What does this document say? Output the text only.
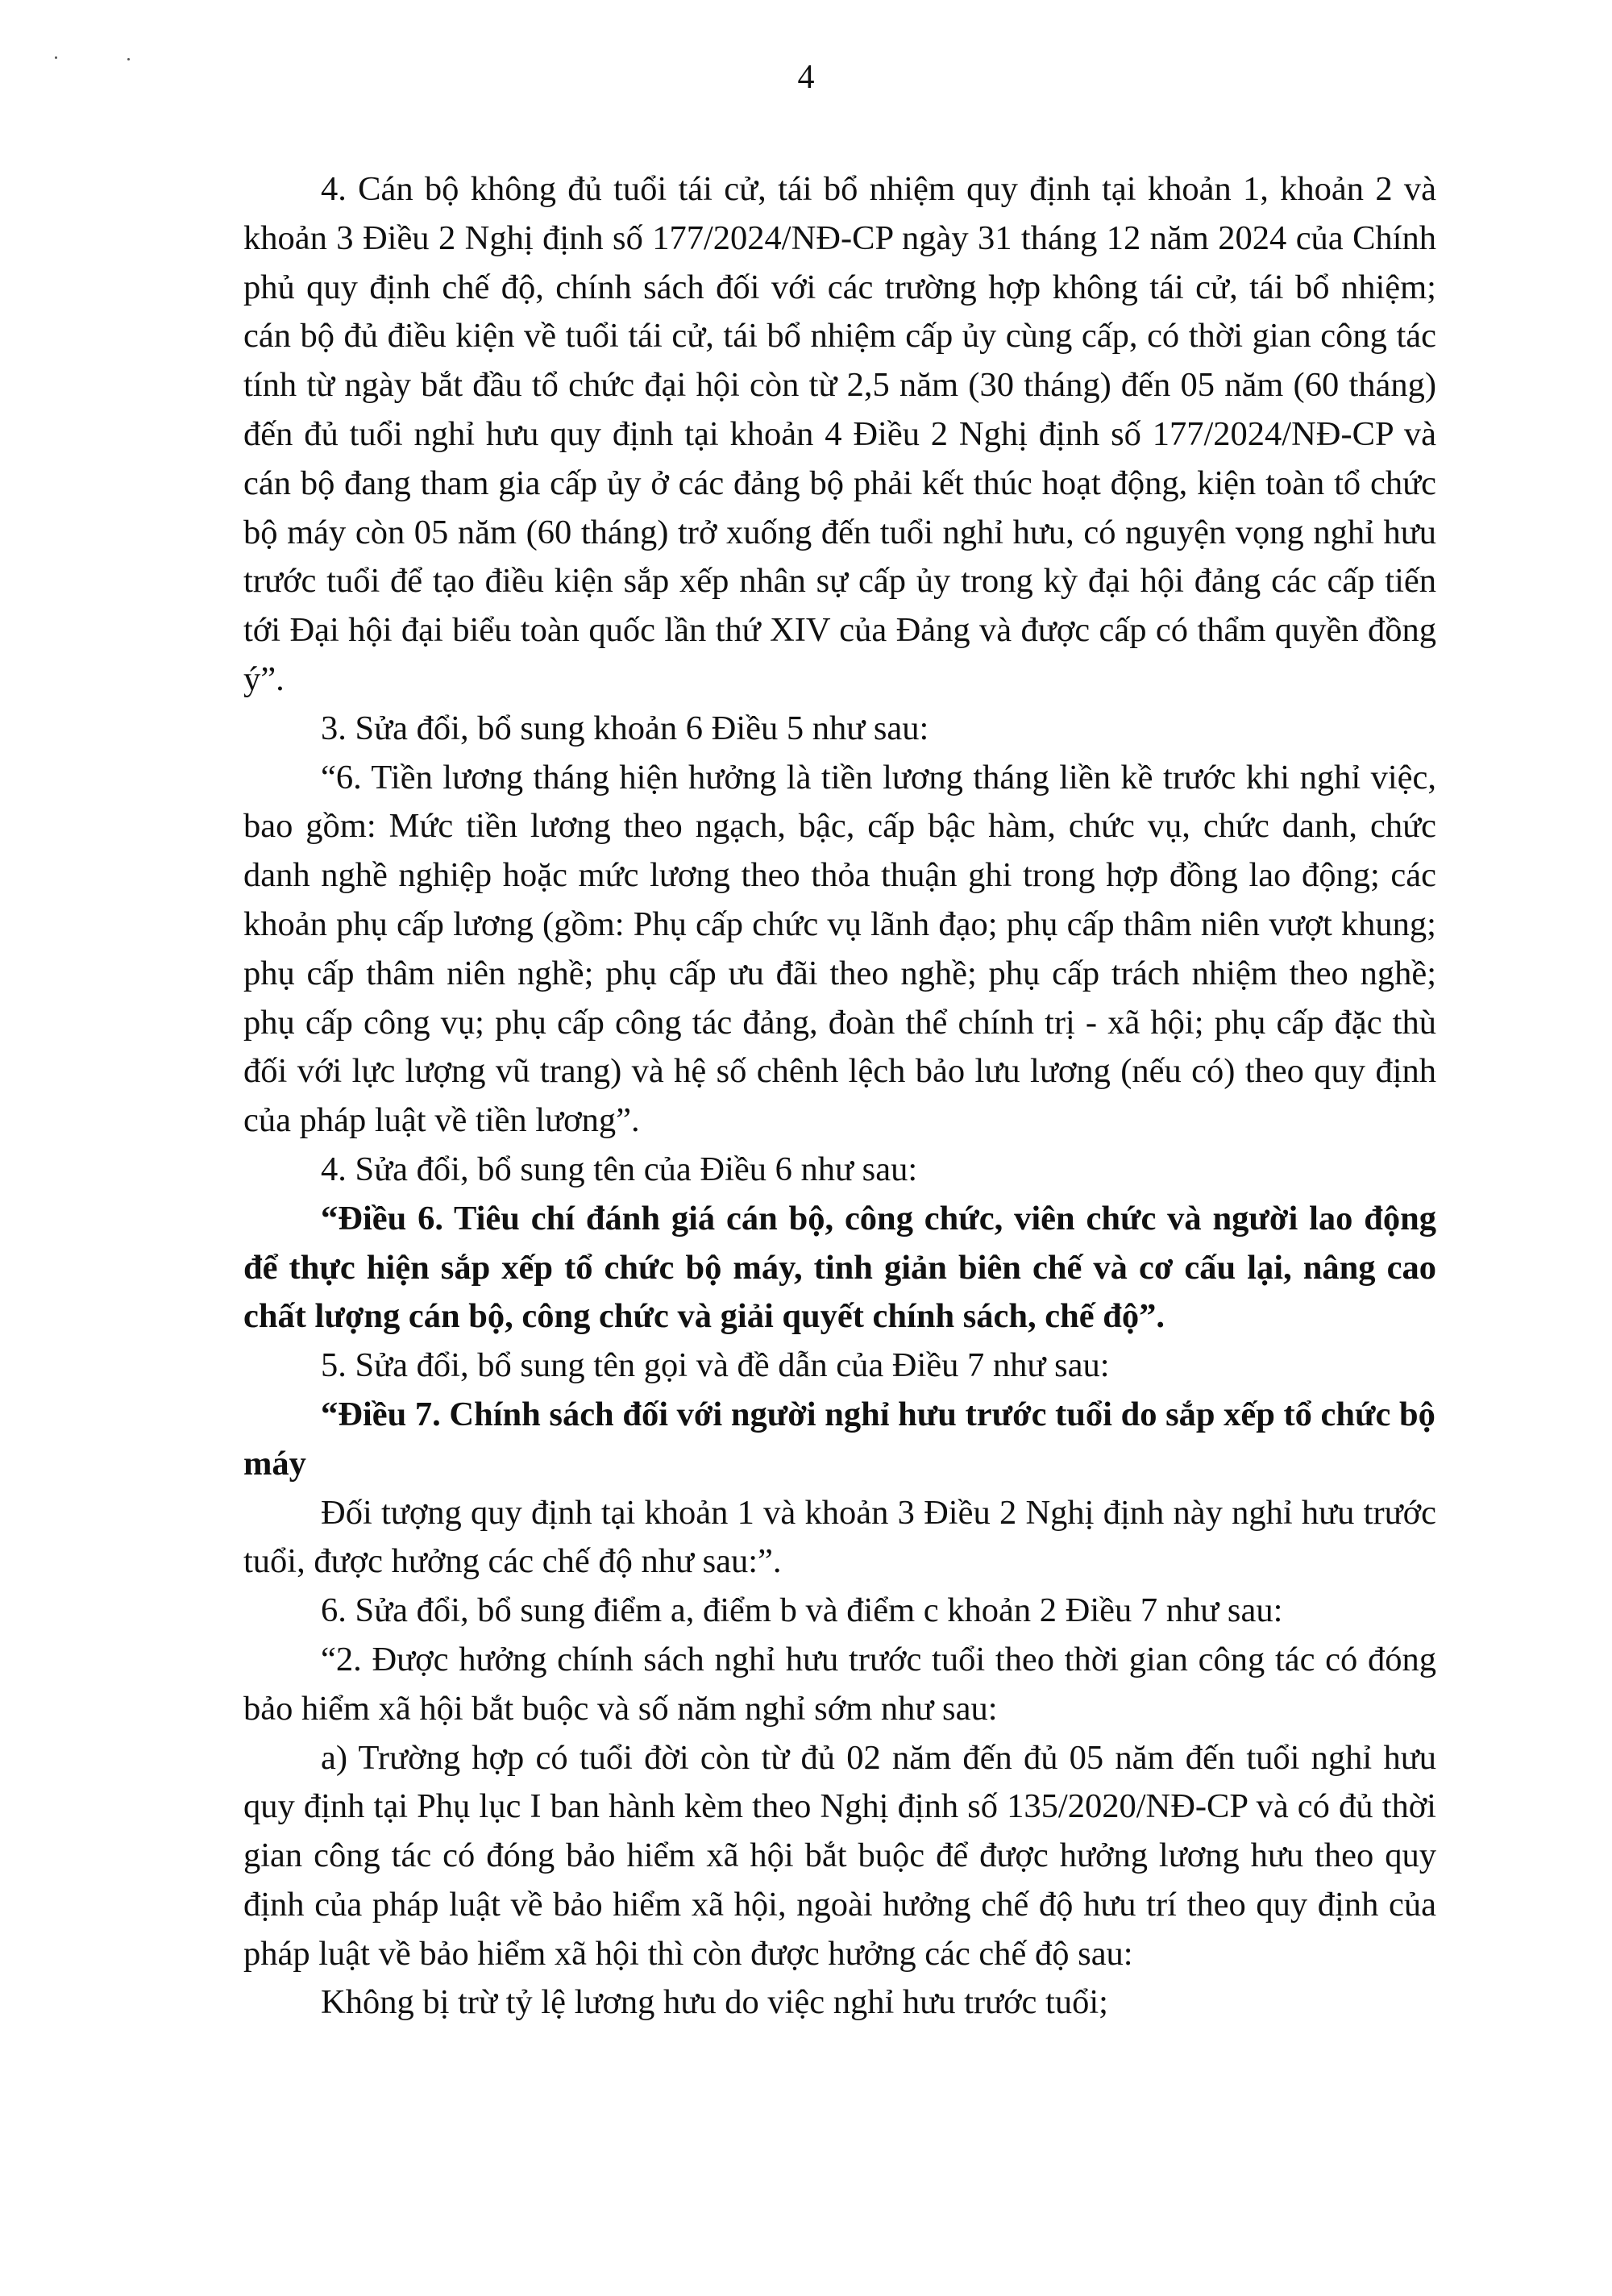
4

4. Cán bộ không đủ tuổi tái cử, tái bổ nhiệm quy định tại khoản 1, khoản 2 và khoản 3 Điều 2 Nghị định số 177/2024/NĐ-CP ngày 31 tháng 12 năm 2024 của Chính phủ quy định chế độ, chính sách đối với các trường hợp không tái cử, tái bổ nhiệm; cán bộ đủ điều kiện về tuổi tái cử, tái bổ nhiệm cấp ủy cùng cấp, có thời gian công tác tính từ ngày bắt đầu tổ chức đại hội còn từ 2,5 năm (30 tháng) đến 05 năm (60 tháng) đến đủ tuổi nghỉ hưu quy định tại khoản 4 Điều 2 Nghị định số 177/2024/NĐ-CP và cán bộ đang tham gia cấp ủy ở các đảng bộ phải kết thúc hoạt động, kiện toàn tổ chức bộ máy còn 05 năm (60 tháng) trở xuống đến tuổi nghỉ hưu, có nguyện vọng nghỉ hưu trước tuổi để tạo điều kiện sắp xếp nhân sự cấp ủy trong kỳ đại hội đảng các cấp tiến tới Đại hội đại biểu toàn quốc lần thứ XIV của Đảng và được cấp có thẩm quyền đồng ý”.

3. Sửa đổi, bổ sung khoản 6 Điều 5 như sau:

“6. Tiền lương tháng hiện hưởng là tiền lương tháng liền kề trước khi nghỉ việc, bao gồm: Mức tiền lương theo ngạch, bậc, cấp bậc hàm, chức vụ, chức danh, chức danh nghề nghiệp hoặc mức lương theo thỏa thuận ghi trong hợp đồng lao động; các khoản phụ cấp lương (gồm: Phụ cấp chức vụ lãnh đạo; phụ cấp thâm niên vượt khung; phụ cấp thâm niên nghề; phụ cấp ưu đãi theo nghề; phụ cấp trách nhiệm theo nghề; phụ cấp công vụ; phụ cấp công tác đảng, đoàn thể chính trị - xã hội; phụ cấp đặc thù đối với lực lượng vũ trang) và hệ số chênh lệch bảo lưu lương (nếu có) theo quy định của pháp luật về tiền lương”.

4. Sửa đổi, bổ sung tên của Điều 6 như sau:

“Điều 6. Tiêu chí đánh giá cán bộ, công chức, viên chức và người lao động để thực hiện sắp xếp tổ chức bộ máy, tinh giản biên chế và cơ cấu lại, nâng cao chất lượng cán bộ, công chức và giải quyết chính sách, chế độ”.

5. Sửa đổi, bổ sung tên gọi và đề dẫn của Điều 7 như sau:

“Điều 7. Chính sách đối với người nghỉ hưu trước tuổi do sắp xếp tổ chức bộ máy

Đối tượng quy định tại khoản 1 và khoản 3 Điều 2 Nghị định này nghỉ hưu trước tuổi, được hưởng các chế độ như sau:”.

6. Sửa đổi, bổ sung điểm a, điểm b và điểm c khoản 2 Điều 7 như sau:

“2. Được hưởng chính sách nghỉ hưu trước tuổi theo thời gian công tác có đóng bảo hiểm xã hội bắt buộc và số năm nghỉ sớm như sau:

a) Trường hợp có tuổi đời còn từ đủ 02 năm đến đủ 05 năm đến tuổi nghỉ hưu quy định tại Phụ lục I ban hành kèm theo Nghị định số 135/2020/NĐ-CP và có đủ thời gian công tác có đóng bảo hiểm xã hội bắt buộc để được hưởng lương hưu theo quy định của pháp luật về bảo hiểm xã hội, ngoài hưởng chế độ hưu trí theo quy định của pháp luật về bảo hiểm xã hội thì còn được hưởng các chế độ sau:

Không bị trừ tỷ lệ lương hưu do việc nghỉ hưu trước tuổi;
